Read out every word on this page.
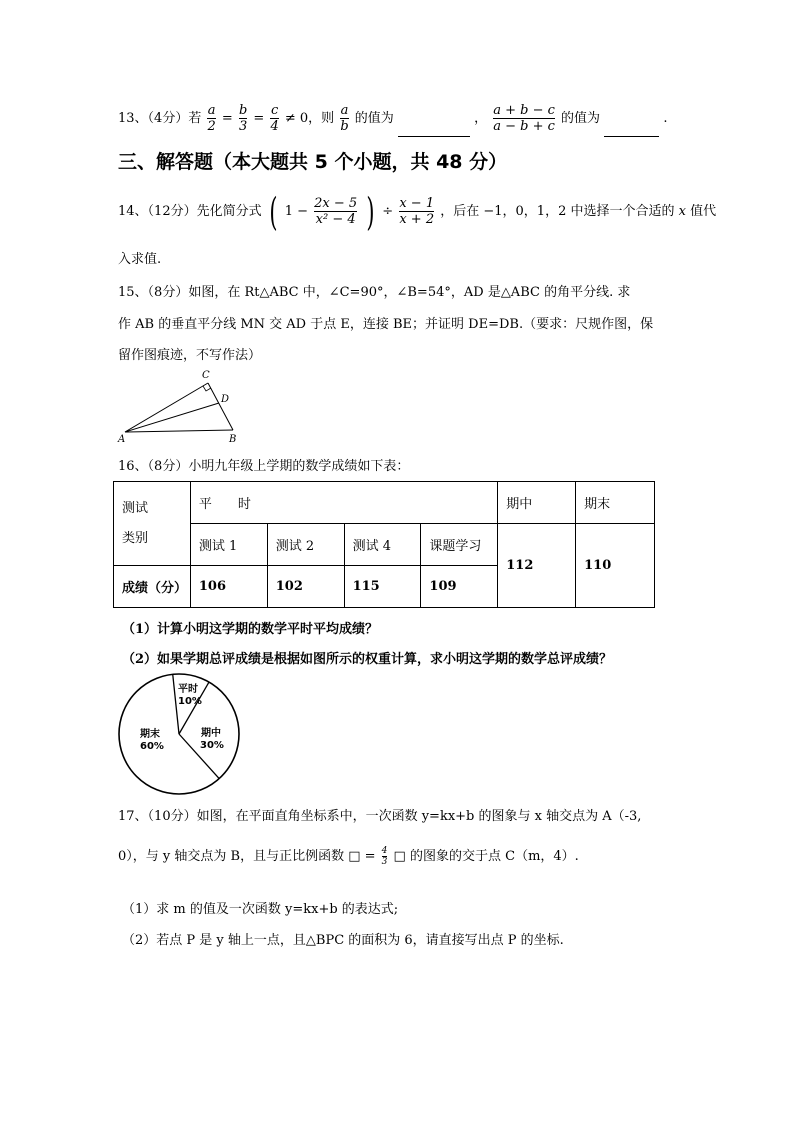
13、（4分）若 $\frac{a}{2} = \frac{b}{3} = \frac{c}{4} \ne 0$，则 $\frac{a}{b}$ 的值为	， $\frac{a + b - c}{a - b + c}$ 的值为	.
三、解答题（本大题共 5 个小题，共 48 分）
14、（12分）先化简分式 ( $1 - \frac{2x - 5}{\text{x² − 4}}$ ) ÷ $\frac{x - 1}{x + 2}$ ，后在 −1，0，1，2 中选择一个合适的 x 值代
入求值.
15、（8分）如图，在 Rt△ABC 中，∠C=90°，∠B=54°，AD 是△ABC 的角平分线. 求
作 AB 的垂直平分线 MN 交 AD 于点 E，连接 BE；并证明 DE=DB.（要求：尺规作图，保
留作图痕迹，不写作法）
C
D
A	B
16、（8分）小明九年级上学期的数学成绩如下表：
测试
类别	平　　时				期中	期末
	测试 1	测试 2	测试 4	课题学习	112	110
成绩（分）	106	102	115	109		
（1）计算小明这学期的数学平时平均成绩？
（2）如果学期总评成绩是根据如图所示的权重计算，求小明这学期的数学总评成绩？
平时
10%
期中
30%
期末
60%
17、（10分）如图，在平面直角坐标系中，一次函数 y=kx+b 的图象与 x 轴交点为 A（-3,
0），与 y 轴交点为 B，且与正比例函数 □ = $\frac{4}{3}$ □ 的图象的交于点 C（m，4）.
（1）求 m 的值及一次函数 y=kx+b 的表达式;
（2）若点 P 是 y 轴上一点，且△BPC 的面积为 6，请直接写出点 P 的坐标.
